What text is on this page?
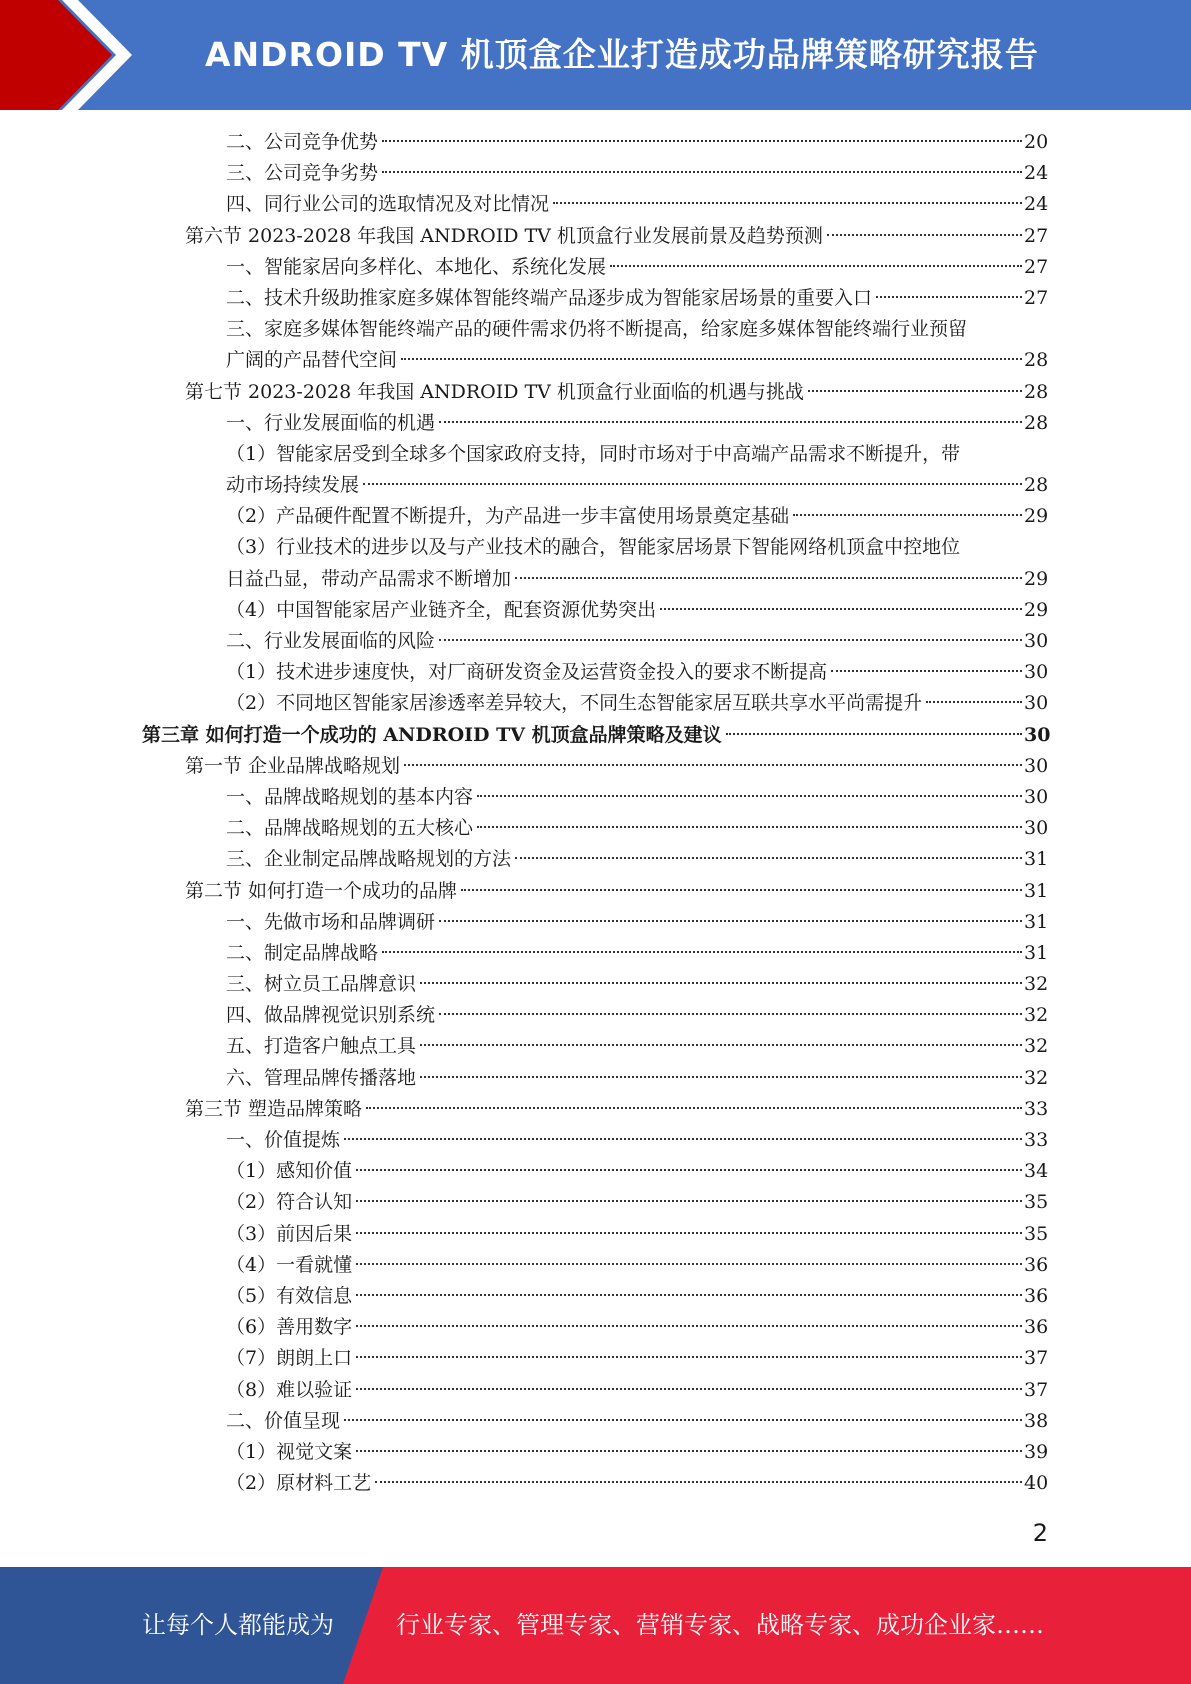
ANDROID TV 机顶盒企业打造成功品牌策略研究报告
二、公司竞争优势	20
三、公司竞争劣势	24
四、同行业公司的选取情况及对比情况	24
第六节 2023-2028 年我国 ANDROID TV 机顶盒行业发展前景及趋势预测	27
一、智能家居向多样化、本地化、系统化发展	27
二、技术升级助推家庭多媒体智能终端产品逐步成为智能家居场景的重要入口	27
三、家庭多媒体智能终端产品的硬件需求仍将不断提高，给家庭多媒体智能终端行业预留
广阔的产品替代空间	28
第七节 2023-2028 年我国 ANDROID TV 机顶盒行业面临的机遇与挑战	28
一、行业发展面临的机遇	28
（1）智能家居受到全球多个国家政府支持，同时市场对于中高端产品需求不断提升，带
动市场持续发展	28
（2）产品硬件配置不断提升，为产品进一步丰富使用场景奠定基础	29
（3）行业技术的进步以及与产业技术的融合，智能家居场景下智能网络机顶盒中控地位
日益凸显，带动产品需求不断增加	29
（4）中国智能家居产业链齐全，配套资源优势突出	29
二、行业发展面临的风险	30
（1）技术进步速度快，对厂商研发资金及运营资金投入的要求不断提高	30
（2）不同地区智能家居渗透率差异较大，不同生态智能家居互联共享水平尚需提升	30
第三章 如何打造一个成功的 ANDROID TV 机顶盒品牌策略及建议	30
第一节 企业品牌战略规划	30
一、品牌战略规划的基本内容	30
二、品牌战略规划的五大核心	30
三、企业制定品牌战略规划的方法	31
第二节 如何打造一个成功的品牌	31
一、先做市场和品牌调研	31
二、制定品牌战略	31
三、树立员工品牌意识	32
四、做品牌视觉识别系统	32
五、打造客户触点工具	32
六、管理品牌传播落地	32
第三节 塑造品牌策略	33
一、价值提炼	33
（1）感知价值	34
（2）符合认知	35
（3）前因后果	35
（4）一看就懂	36
（5）有效信息	36
（6）善用数字	36
（7）朗朗上口	37
（8）难以验证	37
二、价值呈现	38
（1）视觉文案	39
（2）原材料工艺	40
2
让每个人都能成为	行业专家、管理专家、营销专家、战略专家、成功企业家……
